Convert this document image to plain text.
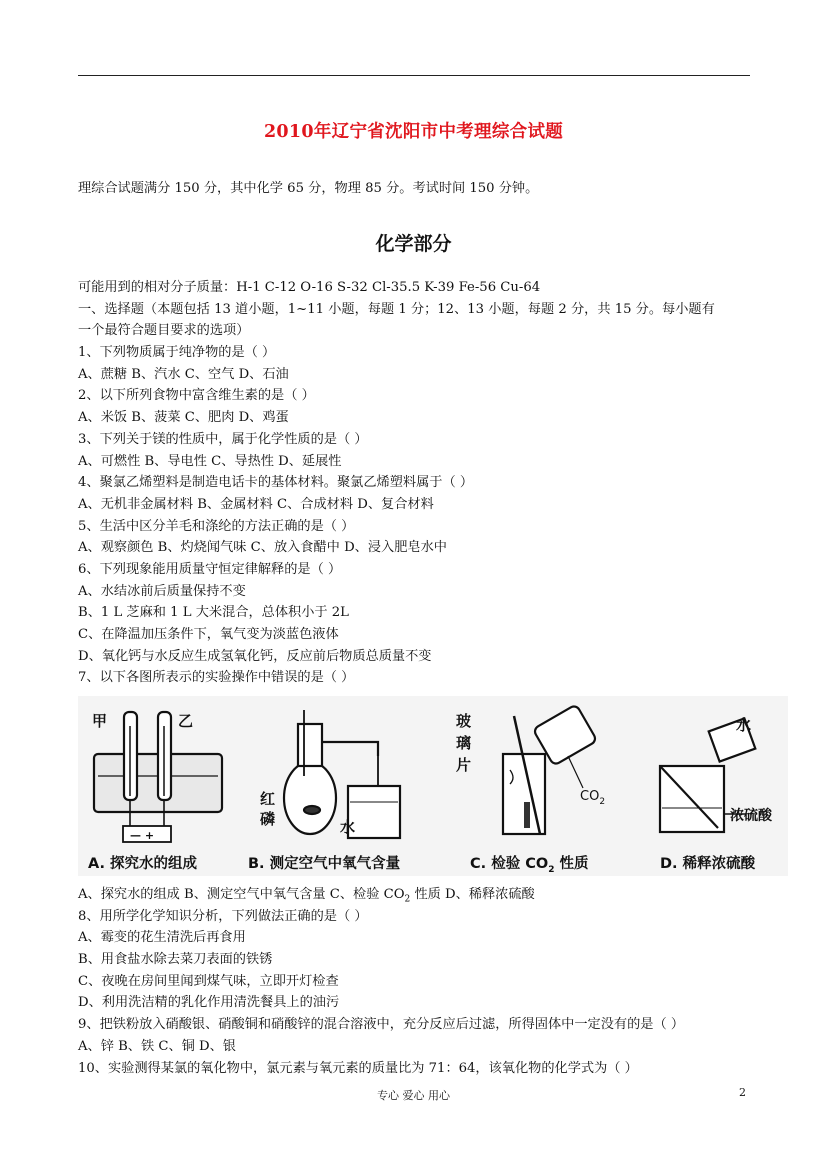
2010年辽宁省沈阳市中考理综合试题
理综合试题满分 150 分，其中化学 65 分，物理 85 分。考试时间 150 分钟。
化学部分
可能用到的相对分子质量：H-1 C-12 O-16 S-32 Cl-35.5 K-39 Fe-56 Cu-64
一、选择题（本题包括 13 道小题，1~11 小题，每题 1 分；12、13 小题，每题 2 分，共 15 分。每小题有
一个最符合题目要求的选项）
1、下列物质属于纯净物的是（ ）
A、蔗糖 B、汽水 C、空气 D、石油
2、以下所列食物中富含维生素的是（ ）
A、米饭 B、菠菜 C、肥肉 D、鸡蛋
3、下列关于镁的性质中，属于化学性质的是（ ）
A、可燃性 B、导电性 C、导热性 D、延展性
4、聚氯乙烯塑料是制造电话卡的基体材料。聚氯乙烯塑料属于（ ）
A、无机非金属材料 B、金属材料 C、合成材料 D、复合材料
5、生活中区分羊毛和涤纶的方法正确的是（ ）
A、观察颜色 B、灼烧闻气味 C、放入食醋中 D、浸入肥皂水中
6、下列现象能用质量守恒定律解释的是（ ）
A、水结冰前后质量保持不变
B、1 L 芝麻和 1 L 大米混合，总体积小于 2L
C、在降温加压条件下，氧气变为淡蓝色液体
D、氧化钙与水反应生成氢氧化钙，反应前后物质总质量不变
7、以下各图所表示的实验操作中错误的是（ ）
甲	乙
— +
红
磷	水
玻
璃
片
$CO_2$
水
浓硫酸
A. 探究水的组成	B. 测定空气中氧气含量	C. 检验 $CO_2$ 性质	D. 稀释浓硫酸
A、探究水的组成 B、测定空气中氧气含量 C、检验 $CO_2$ 性质 D、稀释浓硫酸
8、用所学化学知识分析，下列做法正确的是（ ）
A、霉变的花生清洗后再食用
B、用食盐水除去菜刀表面的铁锈
C、夜晚在房间里闻到煤气味，立即开灯检查
D、利用洗洁精的乳化作用清洗餐具上的油污
9、把铁粉放入硝酸银、硝酸铜和硝酸锌的混合溶液中，充分反应后过滤，所得固体中一定没有的是（ ）
A、锌 B、铁 C、铜 D、银
10、实验测得某氯的氧化物中，氯元素与氧元素的质量比为 71：64，该氧化物的化学式为（ ）
专心 爱心 用心	2
